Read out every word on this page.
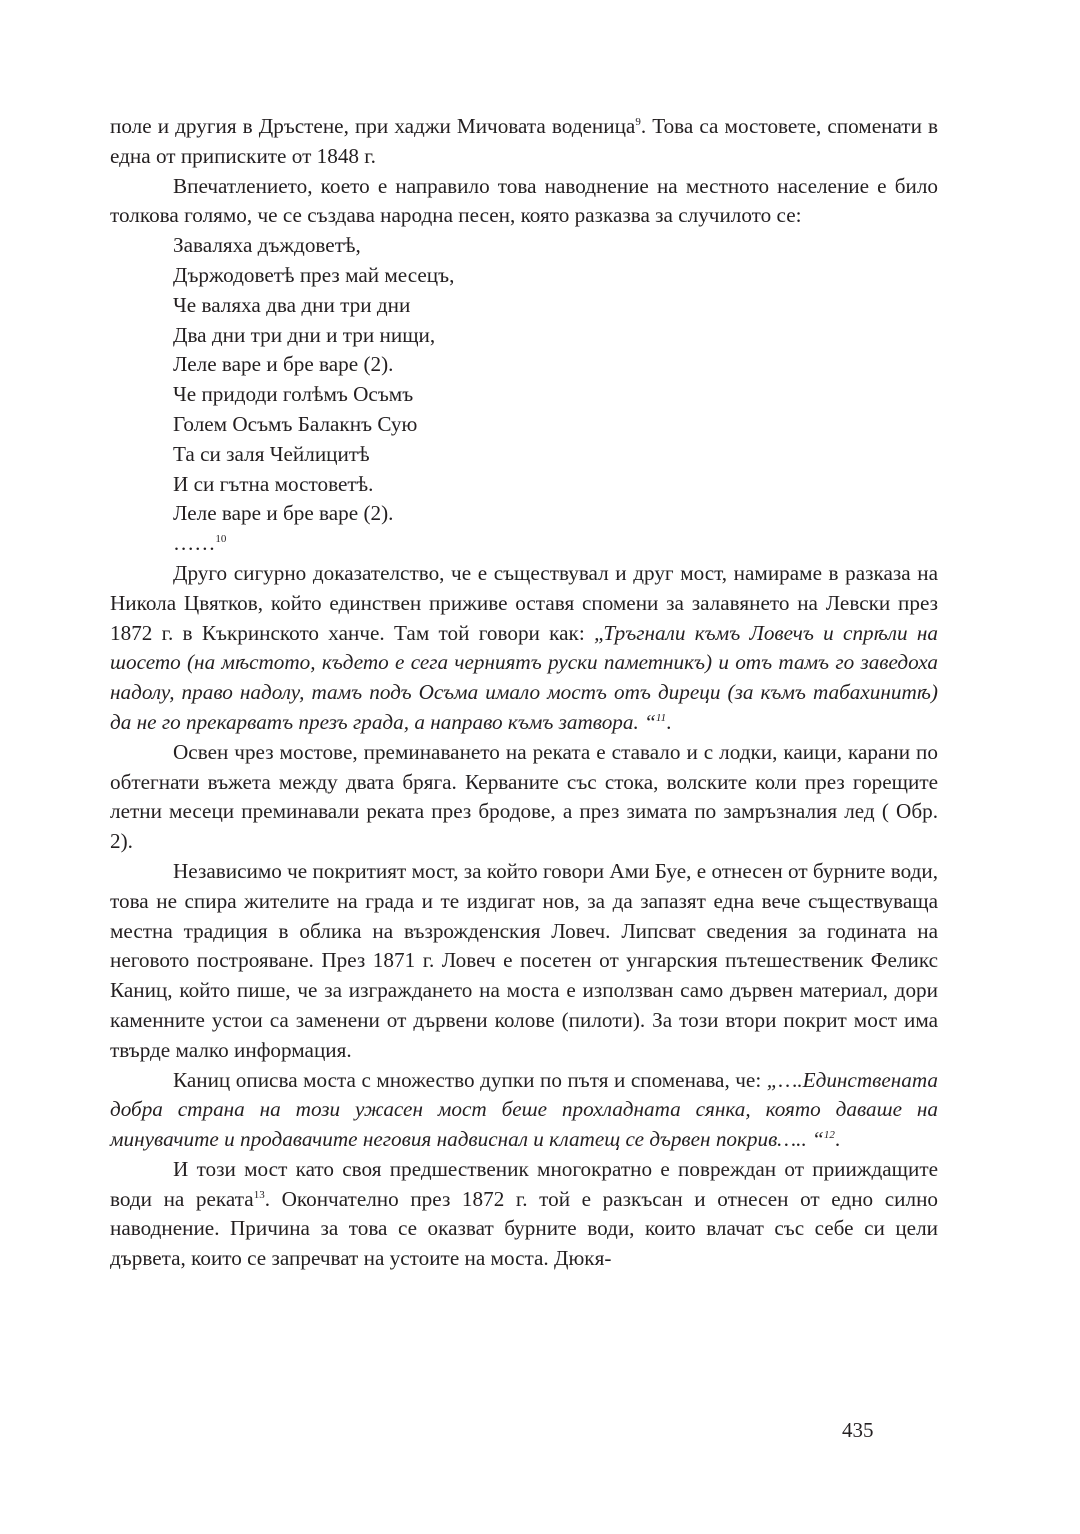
поле и другия в Дръстене, при хаджи Мичовата воденица$^9$. Това са мостовете, споменати в една от приписките от 1848 г.

Впечатлението, което е направило това наводнение на местното население е било толкова голямо, че се създава народна песен, която разказва за случилото се:

Заваляха дъждоветѣ,
Държодоветѣ през май месецъ,
Че валяха два дни три дни
Два дни три дни и три нищи,
Леле варе и бре варе (2).
Че придоди голѣмъ Осъмъ
Голем Осъмъ Балакнъ Сую
Та си заля Чейлицитѣ
И си гътна мостоветѣ.
Леле варе и бре варе (2).
……$^{10}$

Друго сигурно доказателство, че е съществувал и друг мост, намираме в разказа на Никола Цвятков, който единствен приживе оставя спомени за залавянето на Левски през 1872 г. в Къкринското ханче. Там той говори как: „Тръгнали къмъ Ловечъ и спрѣли на шосето (на мѣстото, където е сега черниятъ руски паметникъ) и отъ тамъ го заведоха надолу, право надолу, тамъ подъ Осъма имало мостъ отъ диреци (за къмъ табахинитѣ) да не го прекарватъ презъ града, а направо къмъ затвора. “$^{11}$.

Освен чрез мостове, преминаването на реката е ставало и с лодки, каици, карани по обтегнати въжета между двата бряга. Керваните със стока, волските коли през горещите летни месеци преминавали реката през бродове, а през зимата по замръзналия лед ( Обр. 2).

Независимо че покритият мост, за който говори Ами Буе, е отнесен от бурните води, това не спира жителите на града и те издигат нов, за да запазят една вече съществуваща местна традиция в облика на възрожденския Ловеч. Липсват сведения за годината на неговото построяване. През 1871 г. Ловеч е посетен от унгарския пътешественик Феликс Каниц, който пише, че за изграждането на моста е използван само дървен материал, дори каменните устои са заменени от дървени колове (пилоти). За този втори покрит мост има твърде малко информация.

Каниц описва моста с множество дупки по пътя и споменава, че: „….Единствената добра страна на този ужасен мост беше прохладната сянка, която даваше на минувачите и продавачите неговия надвиснал и клатещ се дървен покрив….. “$^{12}$.

И този мост като своя предшественик многократно е повреждан от прииждащите води на реката$^{13}$. Окончателно през 1872 г. той е разкъсан и отнесен от едно силно наводнение. Причина за това се оказват бурните води, които влачат със себе си цели дървета, които се запречват на устоите на моста. Дюкя-

435
